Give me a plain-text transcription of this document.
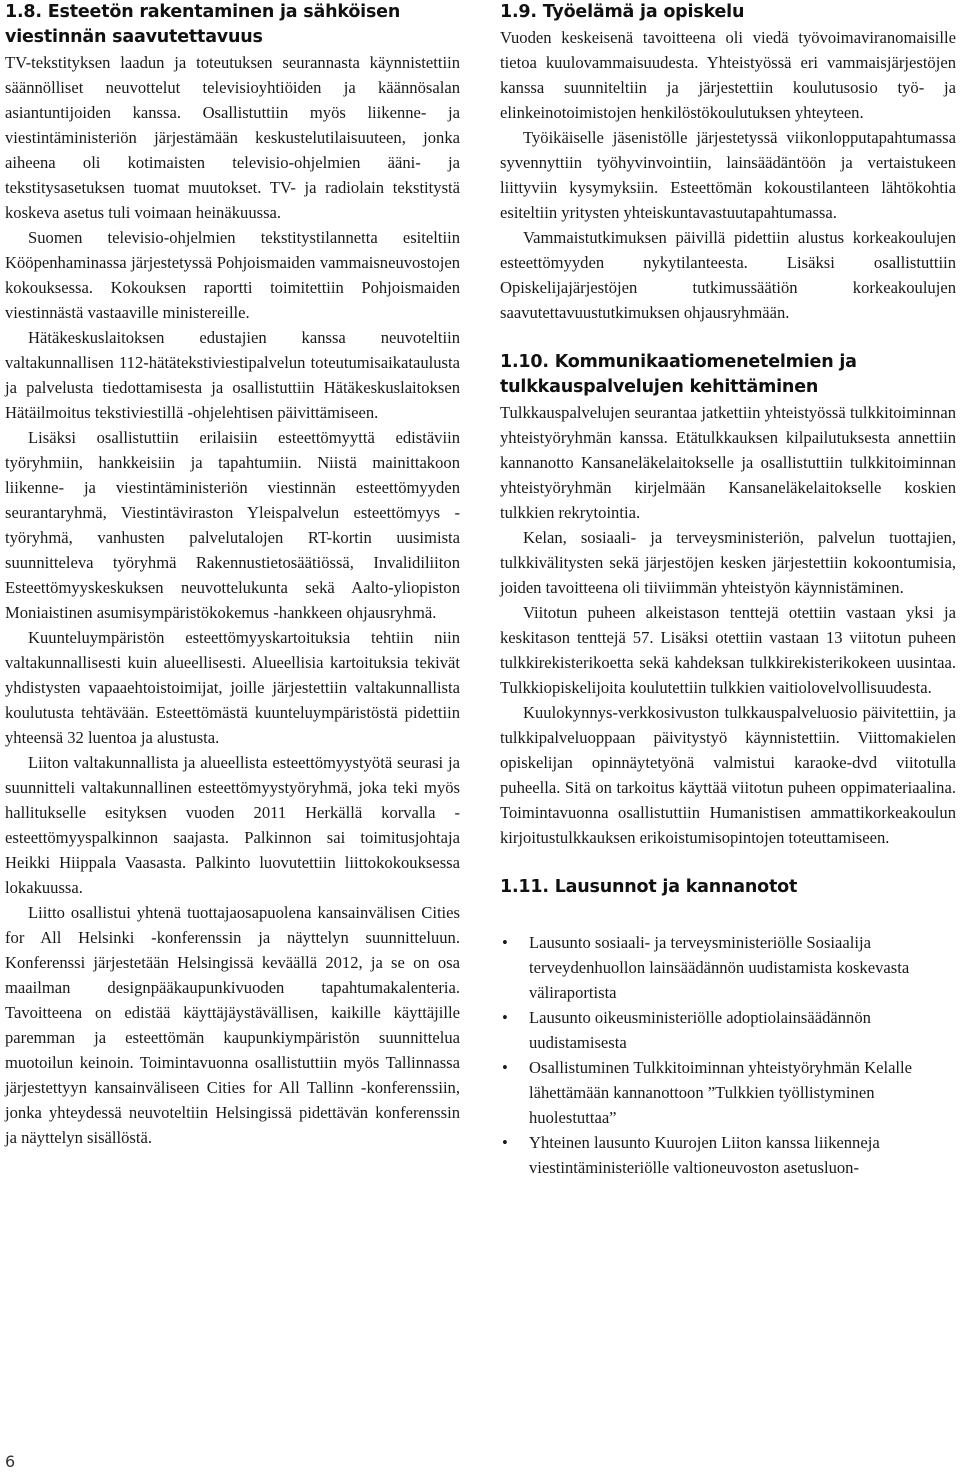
1.8. Esteetön rakentaminen ja sähköisen viestinnän saavutettavuus

TV-tekstityksen laadun ja toteutuksen seurannasta käynnistettiin säännölliset neuvottelut televisioyhtiöiden ja käännösalan asiantuntijoiden kanssa. Osallistuttiin myös liikenne- ja viestintäministeriön järjestämään keskustelutilaisuuteen, jonka aiheena oli kotimaisten televisio-ohjelmien ääni- ja tekstitysasetuksen tuomat muutokset. TV- ja radiolain tekstitystä koskeva asetus tuli voimaan heinäkuussa.

Suomen televisio-ohjelmien tekstitystilannetta esiteltiin Kööpenhaminassa järjestetyssä Pohjoismaiden vammaisneuvostojen kokouksessa. Kokouksen raportti toimitettiin Pohjoismaiden viestinnästä vastaaville ministereille.

Hätäkeskuslaitoksen edustajien kanssa neuvoteltiin valtakunnallisen 112-hätätekstiviestipalvelun toteutumisaikataulusta ja palvelusta tiedottamisesta ja osallistuttiin Hätäkeskuslaitoksen Hätäilmoitus tekstiviestillä -ohjelehtisen päivittämiseen.

Lisäksi osallistuttiin erilaisiin esteettömyyttä edistäviin työryhmiin, hankkeisiin ja tapahtumiin. Niistä mainittakoon liikenne- ja viestintäministeriön viestinnän esteettömyyden seurantaryhmä, Viestintäviraston Yleispalvelun esteettömyys -työryhmä, vanhusten palvelutalojen RT-kortin uusimista suunnitteleva työryhmä Rakennustietosäätiössä, Invalidiliiton Esteettömyyskeskuksen neuvottelukunta sekä Aalto-yliopiston Moniaistinen asumisympäristökokemus -hankkeen ohjausryhmä.

Kuunteluympäristön esteettömyyskartoituksia tehtiin niin valtakunnallisesti kuin alueellisesti. Alueellisia kartoituksia tekivät yhdistysten vapaaehtoistoimijat, joille järjestettiin valtakunnallista koulutusta tehtävään. Esteettömästä kuunteluympäristöstä pidettiin yhteensä 32 luentoa ja alustusta.

Liiton valtakunnallista ja alueellista esteettömyystyötä seurasi ja suunnitteli valtakunnallinen esteettömyystyöryhmä, joka teki myös hallitukselle esityksen vuoden 2011 Herkällä korvalla -esteettömyyspalkinnon saajasta. Palkinnon sai toimitusjohtaja Heikki Hiippala Vaasasta. Palkinto luovutettiin liittokokouksessa lokakuussa.

Liitto osallistui yhtenä tuottajaosapuolena kansainvälisen Cities for All Helsinki -konferenssin ja näyttelyn suunnitteluun. Konferenssi järjestetään Helsingissä keväällä 2012, ja se on osa maailman designpääkaupunkivuoden tapahtumakalenteria. Tavoitteena on edistää käyttäjäystävällisen, kaikille käyttäjille paremman ja esteettömän kaupunkiympäristön suunnittelua muotoilun keinoin. Toimintavuonna osallistuttiin myös Tallinnassa järjestettyyn kansainväliseen Cities for All Tallinn -konferenssiin, jonka yhteydessä neuvoteltiin Helsingissä pidettävän konferenssin ja näyttelyn sisällöstä.

1.9. Työelämä ja opiskelu

Vuoden keskeisenä tavoitteena oli viedä työvoimaviranomaisille tietoa kuulovammaisuudesta. Yhteistyössä eri vammaisjärjestöjen kanssa suunniteltiin ja järjestettiin koulutusosio työ- ja elinkeinotoimistojen henkilöstökoulutuksen yhteyteen.

Työikäiselle jäsenistölle järjestetyssä viikonlopputapahtumassa syvennyttiin työhyvinvointiin, lainsäädäntöön ja vertaistukeen liittyviin kysymyksiin. Esteettömän kokoustilanteen lähtökohtia esiteltiin yritysten yhteiskuntavastuutapahtumassa.

Vammaistutkimuksen päivillä pidettiin alustus korkeakoulujen esteettömyyden nykytilanteesta. Lisäksi osallistuttiin Opiskelijajärjestöjen tutkimussäätiön korkeakoulujen saavutettavuustutkimuksen ohjausryhmään.

1.10. Kommunikaatiomenetelmien ja tulkkauspalvelujen kehittäminen

Tulkkauspalvelujen seurantaa jatkettiin yhteistyössä tulkkitoiminnan yhteistyöryhmän kanssa. Etätulkkauksen kilpailutuksesta annettiin kannanotto Kansaneläkelaitokselle ja osallistuttiin tulkkitoiminnan yhteistyöryhmän kirjelmään Kansaneläkelaitokselle koskien tulkkien rekrytointia.

Kelan, sosiaali- ja terveysministeriön, palvelun tuottajien, tulkkivälitysten sekä järjestöjen kesken järjestettiin kokoontumisia, joiden tavoitteena oli tiiviimmän yhteistyön käynnistäminen.

Viitotun puheen alkeistason tenttejä otettiin vastaan yksi ja keskitason tenttejä 57. Lisäksi otettiin vastaan 13 viitotun puheen tulkkirekisterikoetta sekä kahdeksan tulkkirekisterikokeen uusintaa. Tulkkiopiskelijoita koulutettiin tulkkien vaitiolovelvollisuudesta.

Kuulokynnys-verkkosivuston tulkkauspalveluosio päivitettiin, ja tulkkipalveluoppaan päivitystyö käynnistettiin. Viittomakielen opiskelijan opinnäytetyönä valmistui karaoke-dvd viitotulla puheella. Sitä on tarkoitus käyttää viitotun puheen oppimateriaalina. Toimintavuonna osallistuttiin Humanistisen ammattikorkeakoulun kirjoitustulkkauksen erikoistumisopintojen toteuttamiseen.

1.11. Lausunnot ja kannanotot
• Lausunto sosiaali- ja terveysministeriölle Sosiaalija terveydenhuollon lainsäädännön uudistamista koskevasta väliraportista
• Lausunto oikeusministeriölle adoptiolainsäädännön uudistamisesta
• Osallistuminen Tulkkitoiminnan yhteistyöryhmän Kelalle lähettämään kannanottoon ”Tulkkien työllistyminen huolestuttaa”
• Yhteinen lausunto Kuurojen Liiton kanssa liikenneja viestintäministeriölle valtioneuvoston asetusluon-
6
